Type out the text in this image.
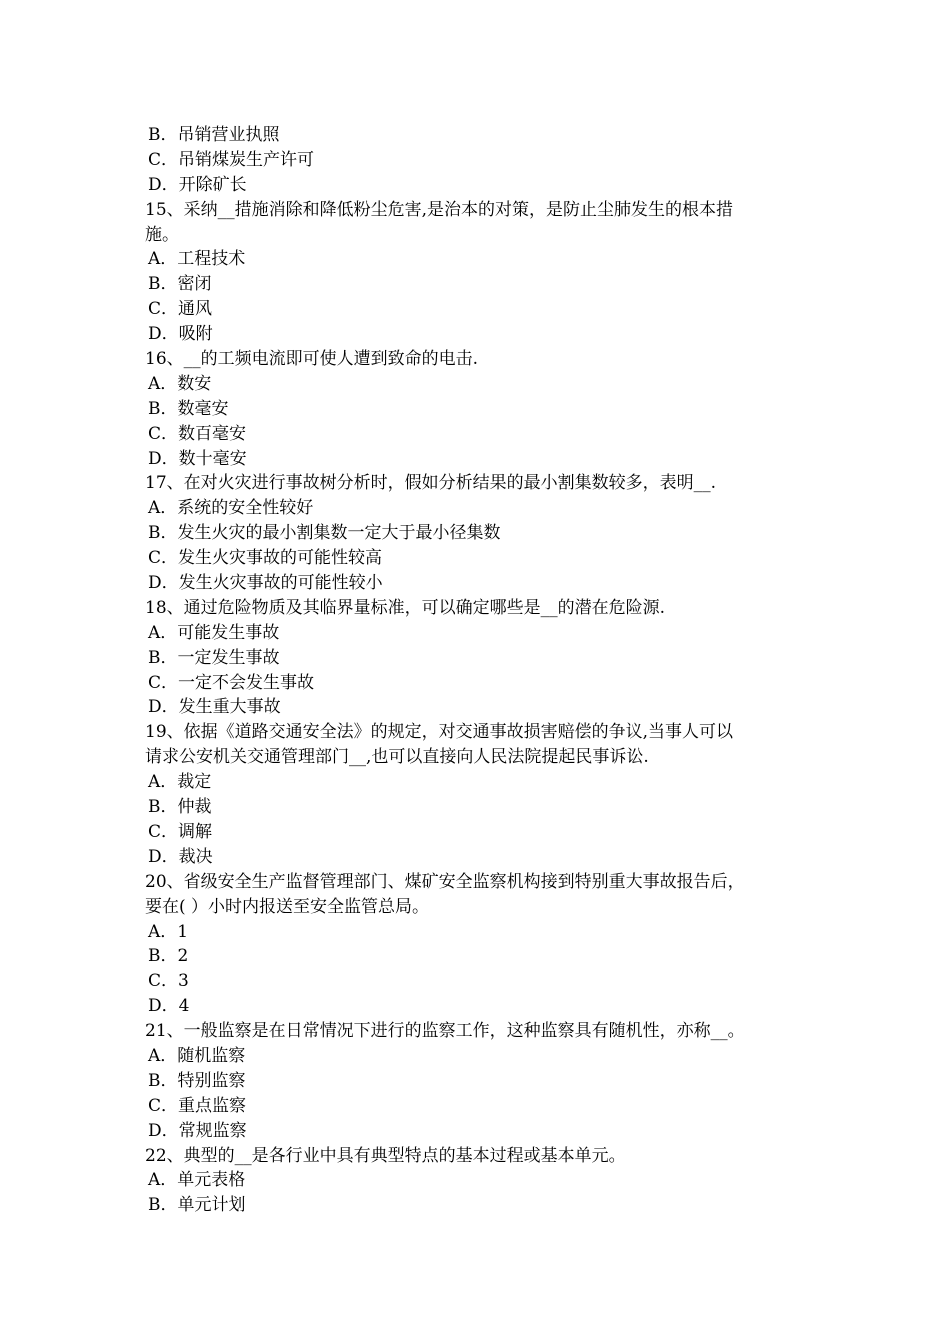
B．吊销营业执照
C．吊销煤炭生产许可
D．开除矿长
15、采纳__措施消除和降低粉尘危害,是治本的对策，是防止尘肺发生的根本措
施。
A．工程技术
B．密闭
C．通风
D．吸附
16、__的工频电流即可使人遭到致命的电击.
A．数安
B．数毫安
C．数百毫安
D．数十毫安
17、在对火灾进行事故树分析时，假如分析结果的最小割集数较多，表明__.
A．系统的安全性较好
B．发生火灾的最小割集数一定大于最小径集数
C．发生火灾事故的可能性较高
D．发生火灾事故的可能性较小
18、通过危险物质及其临界量标准，可以确定哪些是__的潜在危险源.
A．可能发生事故
B．一定发生事故
C．一定不会发生事故
D．发生重大事故
19、依据《道路交通安全法》的规定，对交通事故损害赔偿的争议,当事人可以
请求公安机关交通管理部门__,也可以直接向人民法院提起民事诉讼.
A．裁定
B．仲裁
C．调解
D．裁决
20、省级安全生产监督管理部门、煤矿安全监察机构接到特别重大事故报告后，
要在( ）小时内报送至安全监管总局。
A．1
B．2
C．3
D．4
21、一般监察是在日常情况下进行的监察工作，这种监察具有随机性，亦称__。
A．随机监察
B．特别监察
C．重点监察
D．常规监察
22、典型的__是各行业中具有典型特点的基本过程或基本单元。
A．单元表格
B．单元计划
